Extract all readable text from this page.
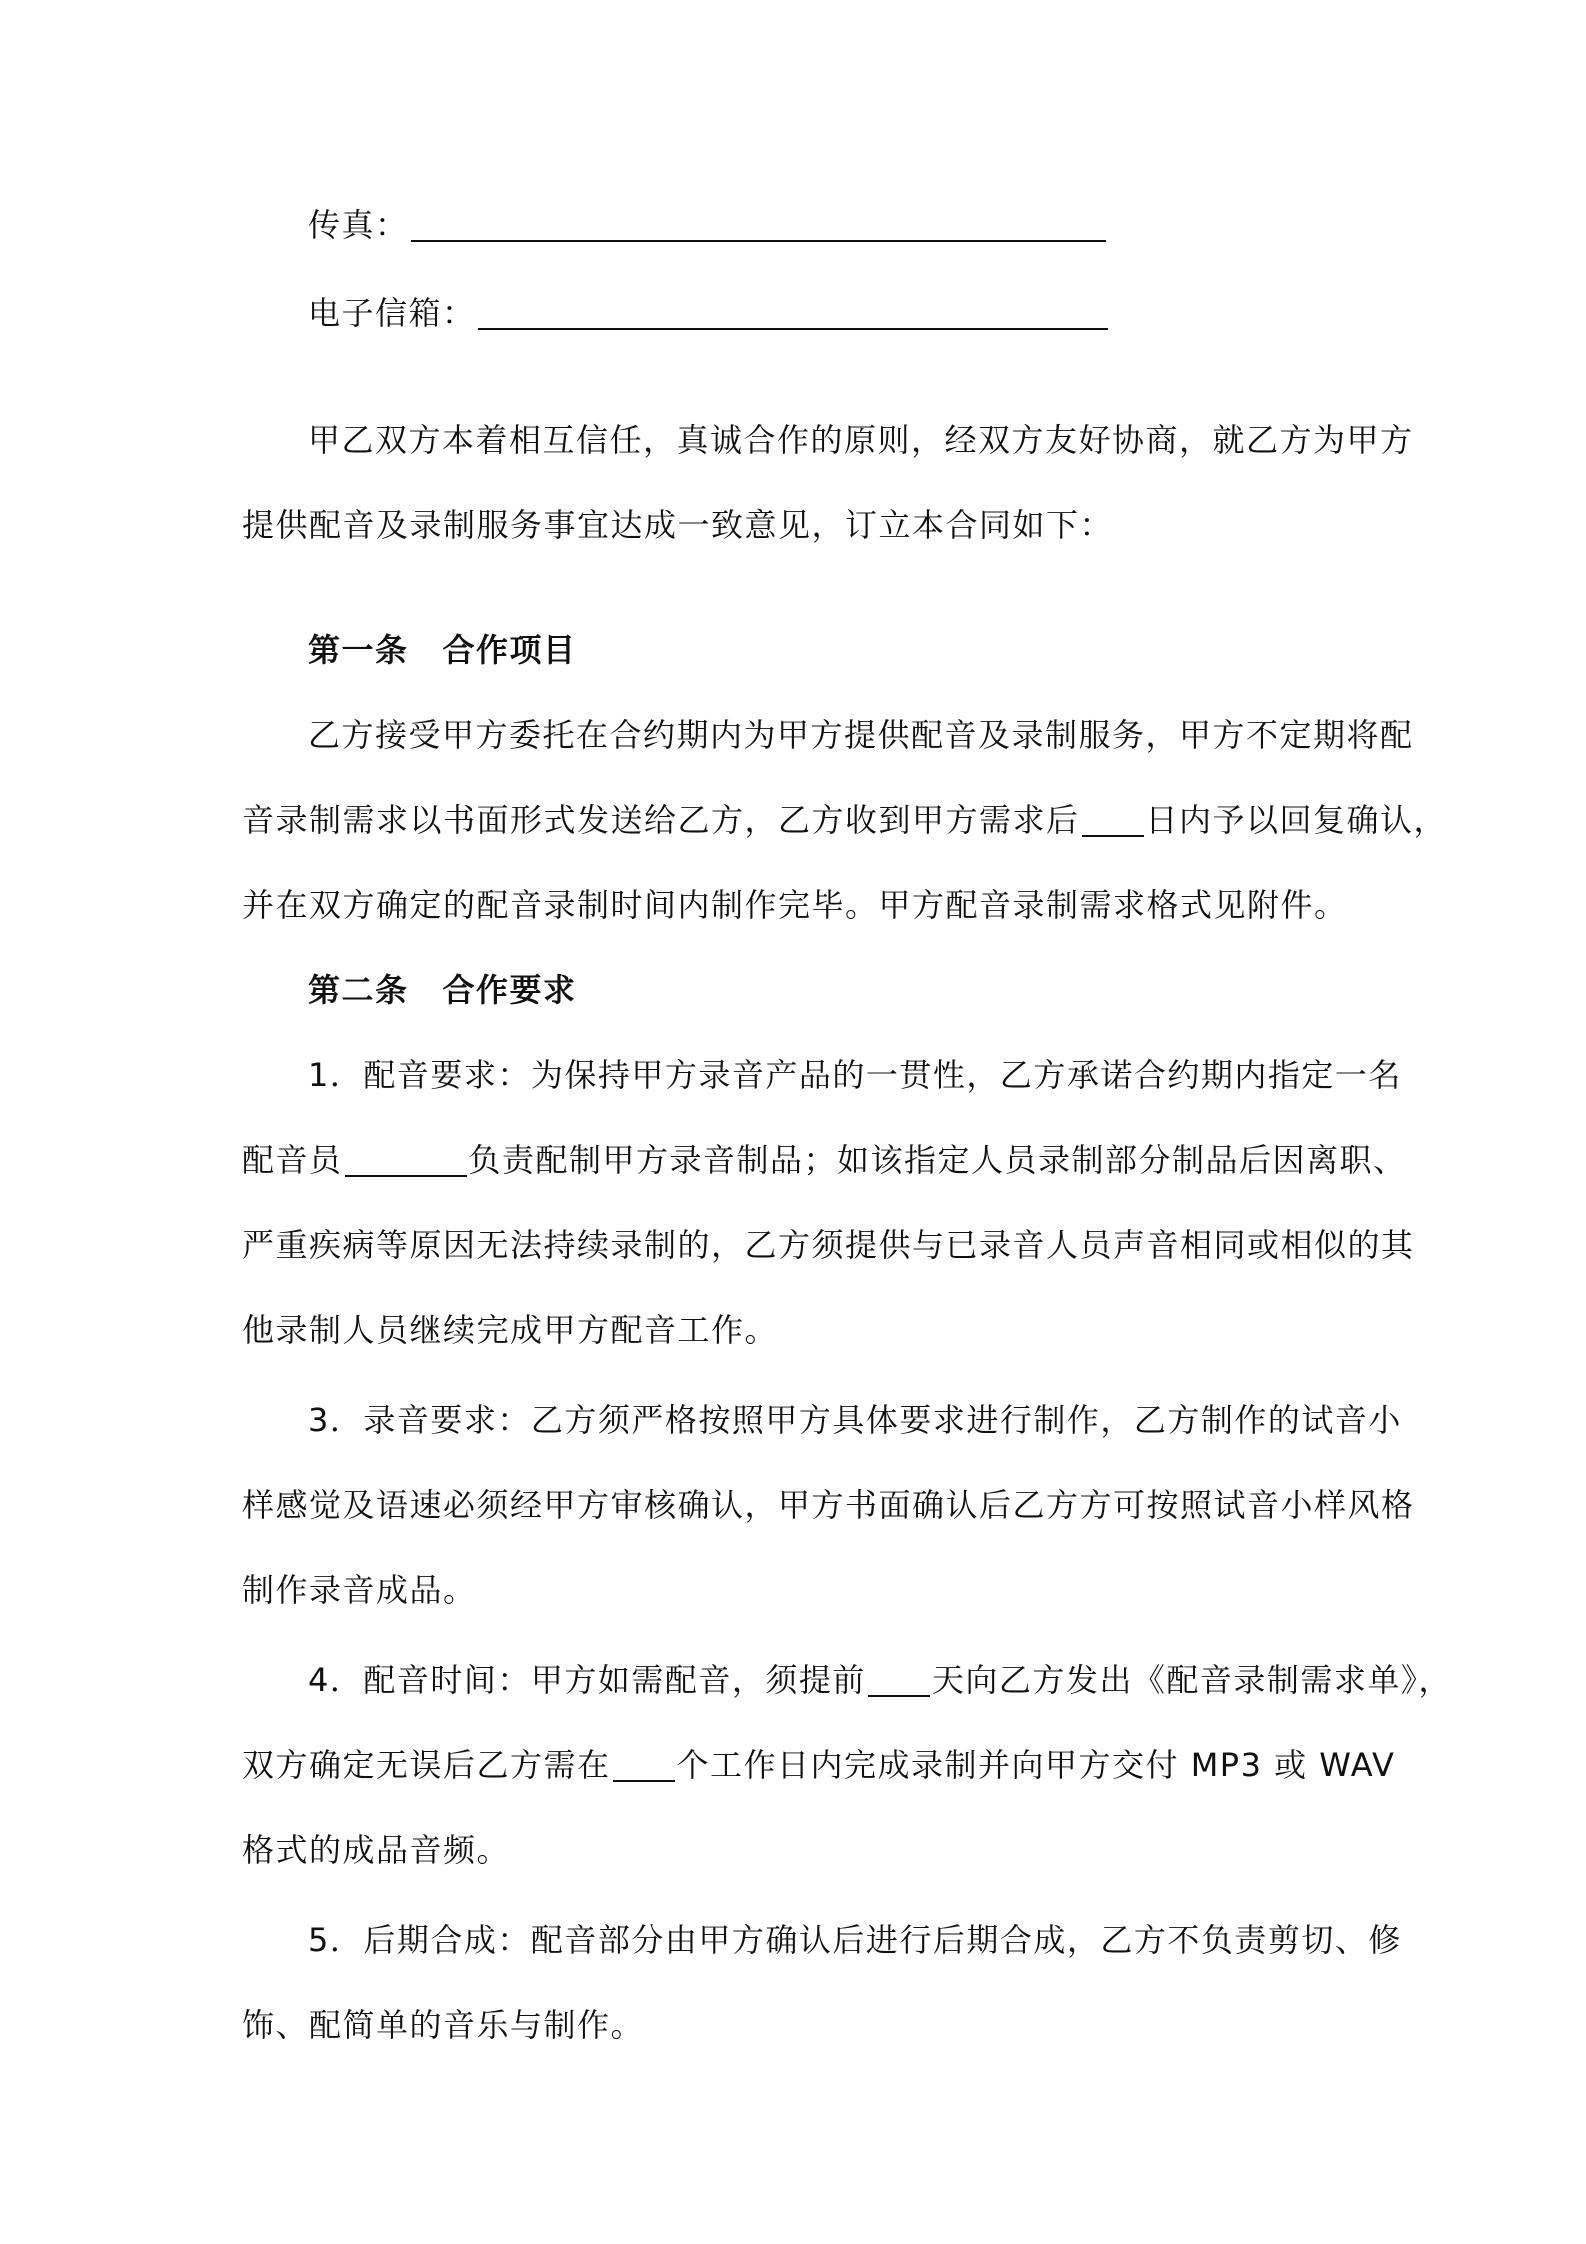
传真：
电子信箱：
甲乙双方本着相互信任，真诚合作的原则，经双方友好协商，就乙方为甲方
提供配音及录制服务事宜达成一致意见，订立本合同如下：
第一条 合作项目
乙方接受甲方委托在合约期内为甲方提供配音及录制服务，甲方不定期将配
音录制需求以书面形式发送给乙方，乙方收到甲方需求后 日内予以回复确认，
并在双方确定的配音录制时间内制作完毕。甲方配音录制需求格式见附件。
第二条 合作要求
1．配音要求：为保持甲方录音产品的一贯性，乙方承诺合约期内指定一名
配音员	负责配制甲方录音制品；如该指定人员录制部分制品后因离职、
严重疾病等原因无法持续录制的，乙方须提供与已录音人员声音相同或相似的其
他录制人员继续完成甲方配音工作。
3．录音要求：乙方须严格按照甲方具体要求进行制作，乙方制作的试音小
样感觉及语速必须经甲方审核确认，甲方书面确认后乙方方可按照试音小样风格
制作录音成品。
4．配音时间：甲方如需配音，须提前 天向乙方发出《配音录制需求单》，
双方确定无误后乙方需在 个工作日内完成录制并向甲方交付 MP3 或 WAV
格式的成品音频。
5．后期合成：配音部分由甲方确认后进行后期合成，乙方不负责剪切、修
饰、配简单的音乐与制作。
